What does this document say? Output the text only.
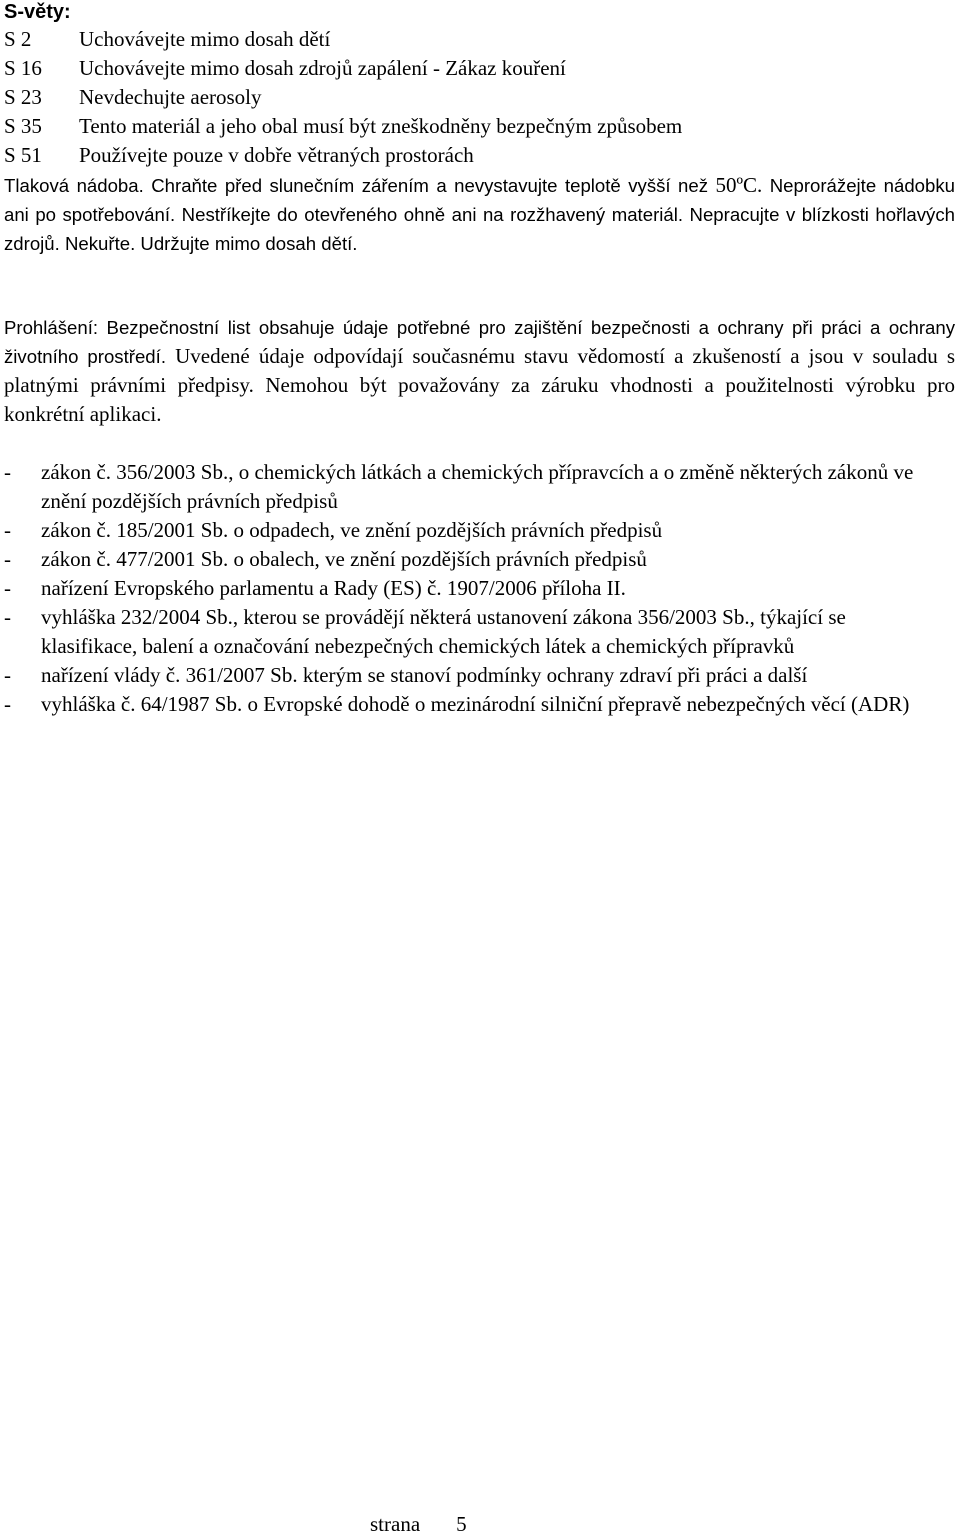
S-věty:
S 2 Uchovávejte mimo dosah dětí
S 16 Uchovávejte mimo dosah zdrojů zapálení - Zákaz kouření
S 23 Nevdechujte aerosoly
S 35 Tento materiál a jeho obal musí být zneškodněny bezpečným způsobem
S 51 Používejte pouze v dobře větraných prostorách

Tlaková nádoba. Chraňte před slunečním zářením a nevystavujte teplotě vyšší než 50ºC. Neprorážejte nádobku ani po spotřebování. Nestříkejte do otevřeného ohně ani na rozžhavený materiál. Nepracujte v blízkosti hořlavých zdrojů. Nekuřte. Udržujte mimo dosah dětí.

Prohlášení: Bezpečnostní list obsahuje údaje potřebné pro zajištění bezpečnosti a ochrany při práci a ochrany životního prostředí. Uvedené údaje odpovídají současnému stavu vědomostí a zkušeností a jsou v souladu s platnými právními předpisy. Nemohou být považovány za záruku vhodnosti a použitelnosti výrobku pro konkrétní aplikaci.

-	zákon č. 356/2003 Sb., o chemických látkách a chemických přípravcích a o změně některých zákonů ve znění pozdějších právních předpisů
-	zákon č. 185/2001 Sb. o odpadech, ve znění pozdějších právních předpisů
-	zákon č. 477/2001 Sb. o obalech, ve znění pozdějších právních předpisů
-	nařízení Evropského parlamentu a Rady (ES) č. 1907/2006 příloha II.
-	vyhláška 232/2004 Sb., kterou se provádějí některá ustanovení zákona 356/2003 Sb., týkající se klasifikace, balení a označování nebezpečných chemických látek a chemických přípravků
-	nařízení vlády č. 361/2007 Sb. kterým se stanoví podmínky ochrany zdraví při práci a další
-	vyhláška č. 64/1987 Sb. o Evropské dohodě o mezinárodní silniční přepravě nebezpečných věcí (ADR)
strana 5
